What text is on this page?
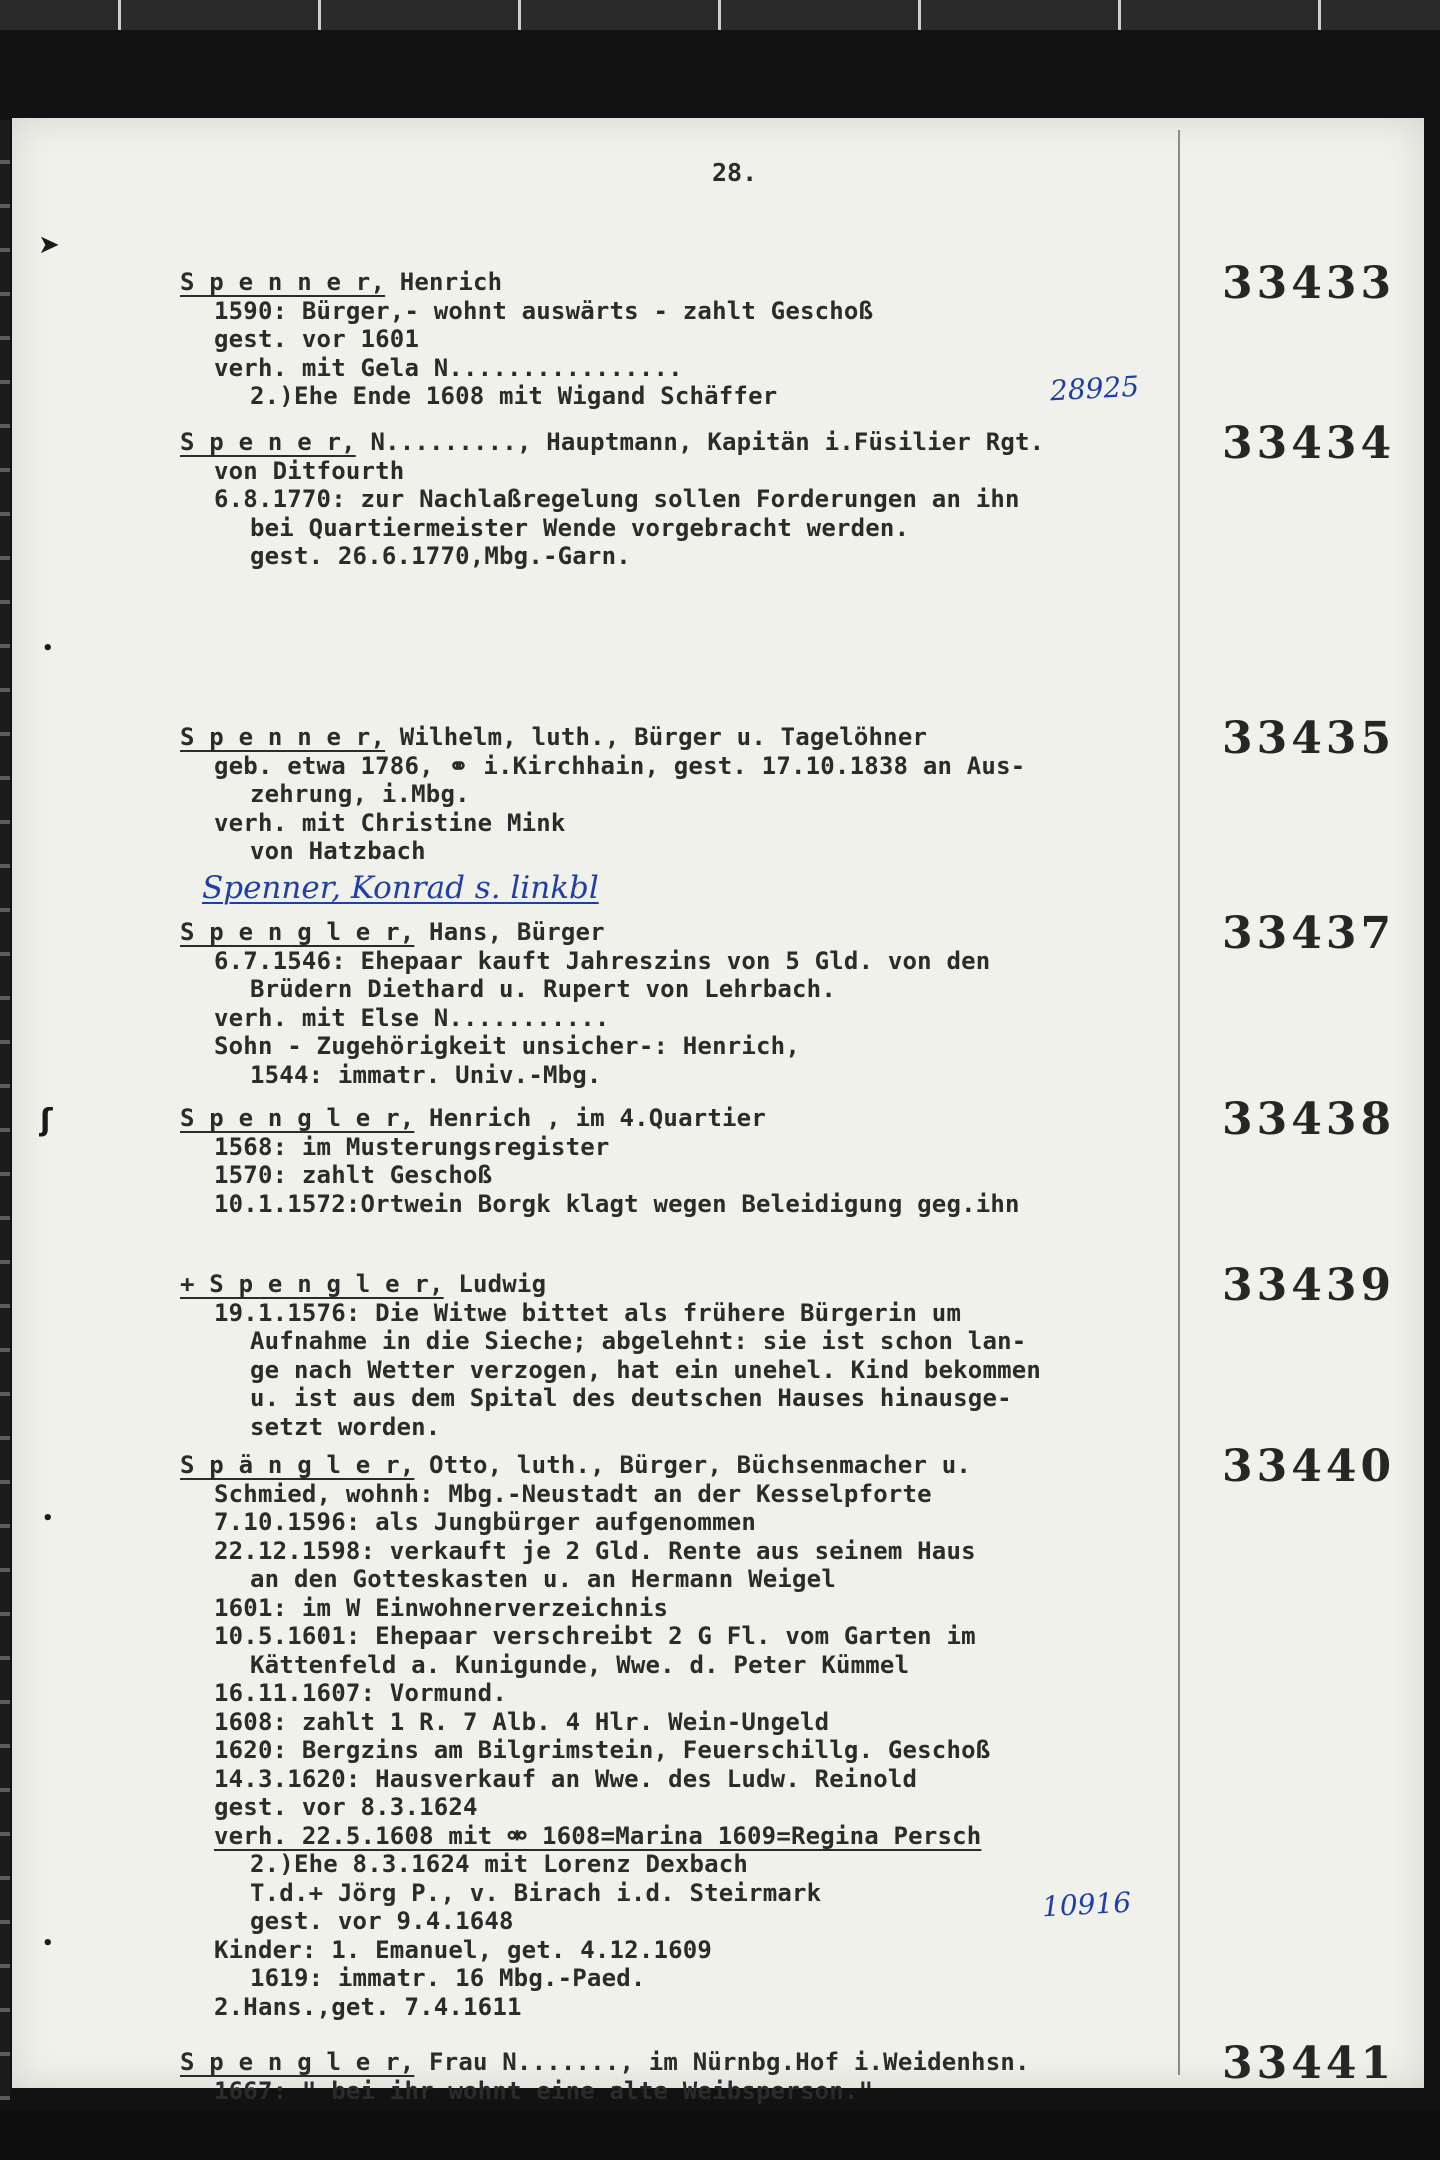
28.
➤
•
ʃ
•
•
S p e n n e r, Henrich
1590: Bürger,- wohnt auswärts - zahlt Geschoß
gest. vor 1601
verh. mit Gela N................
2.)Ehe Ende 1608 mit Wigand Schäffer
33433
28925
S p e n e r, N........., Hauptmann, Kapitän i.Füsilier Rgt.
von Ditfourth
6.8.1770: zur Nachlaßregelung sollen Forderungen an ihn
bei Quartiermeister Wende vorgebracht werden.
gest. 26.6.1770,Mbg.-Garn.
33434
S p e n n e r, Wilhelm, luth., Bürger u. Tagelöhner
geb. etwa 1786, ⚭ i.Kirchhain, gest. 17.10.1838 an Aus-
zehrung, i.Mbg.
verh. mit Christine Mink
von Hatzbach
33435
S p e n g l e r, Hans, Bürger
6.7.1546: Ehepaar kauft Jahreszins von 5 Gld. von den
Brüdern Diethard u. Rupert von Lehrbach.
verh. mit Else N...........
Sohn - Zugehörigkeit unsicher-: Henrich,
1544: immatr. Univ.-Mbg.
33437
S p e n g l e r, Henrich , im 4.Quartier
1568: im Musterungsregister
1570: zahlt Geschoß
10.1.1572:Ortwein Borgk klagt wegen Beleidigung geg.ihn
33438
+ S p e n g l e r, Ludwig
19.1.1576: Die Witwe bittet als frühere Bürgerin um
Aufnahme in die Sieche; abgelehnt: sie ist schon lan-
ge nach Wetter verzogen, hat ein unehel. Kind bekommen
u. ist aus dem Spital des deutschen Hauses hinausge-
setzt worden.
33439
S p ä n g l e r, Otto, luth., Bürger, Büchsenmacher u.
Schmied, wohnh: Mbg.-Neustadt an der Kesselpforte
7.10.1596: als Jungbürger aufgenommen
22.12.1598: verkauft je 2 Gld. Rente aus seinem Haus
an den Gotteskasten u. an Hermann Weigel
1601: im W Einwohnerverzeichnis
10.5.1601: Ehepaar verschreibt 2 G Fl. vom Garten im
Kättenfeld a. Kunigunde, Wwe. d. Peter Kümmel
16.11.1607: Vormund.
1608: zahlt 1 R. 7 Alb. 4 Hlr. Wein-Ungeld
1620: Bergzins am Bilgrimstein, Feuerschillg. Geschoß
14.3.1620: Hausverkauf an Wwe. des Ludw. Reinold
gest. vor 8.3.1624
verh. 22.5.1608 mit ⚮ 1608=Marina 1609=Regina Persch
2.)Ehe 8.3.1624 mit Lorenz Dexbach
T.d.+ Jörg P., v. Birach i.d. Steirmark
gest. vor 9.4.1648
Kinder: 1. Emanuel, get. 4.12.1609
1619: immatr. 16 Mbg.-Paed.
2.Hans.,get. 7.4.1611
33440
10916
S p e n g l e r, Frau N......., im Nürnbg.Hof i.Weidenhsn.
1667: " bei ihr wohnt eine alte Weibsperson."
33441
Spenner, Konrad s. linkbl
